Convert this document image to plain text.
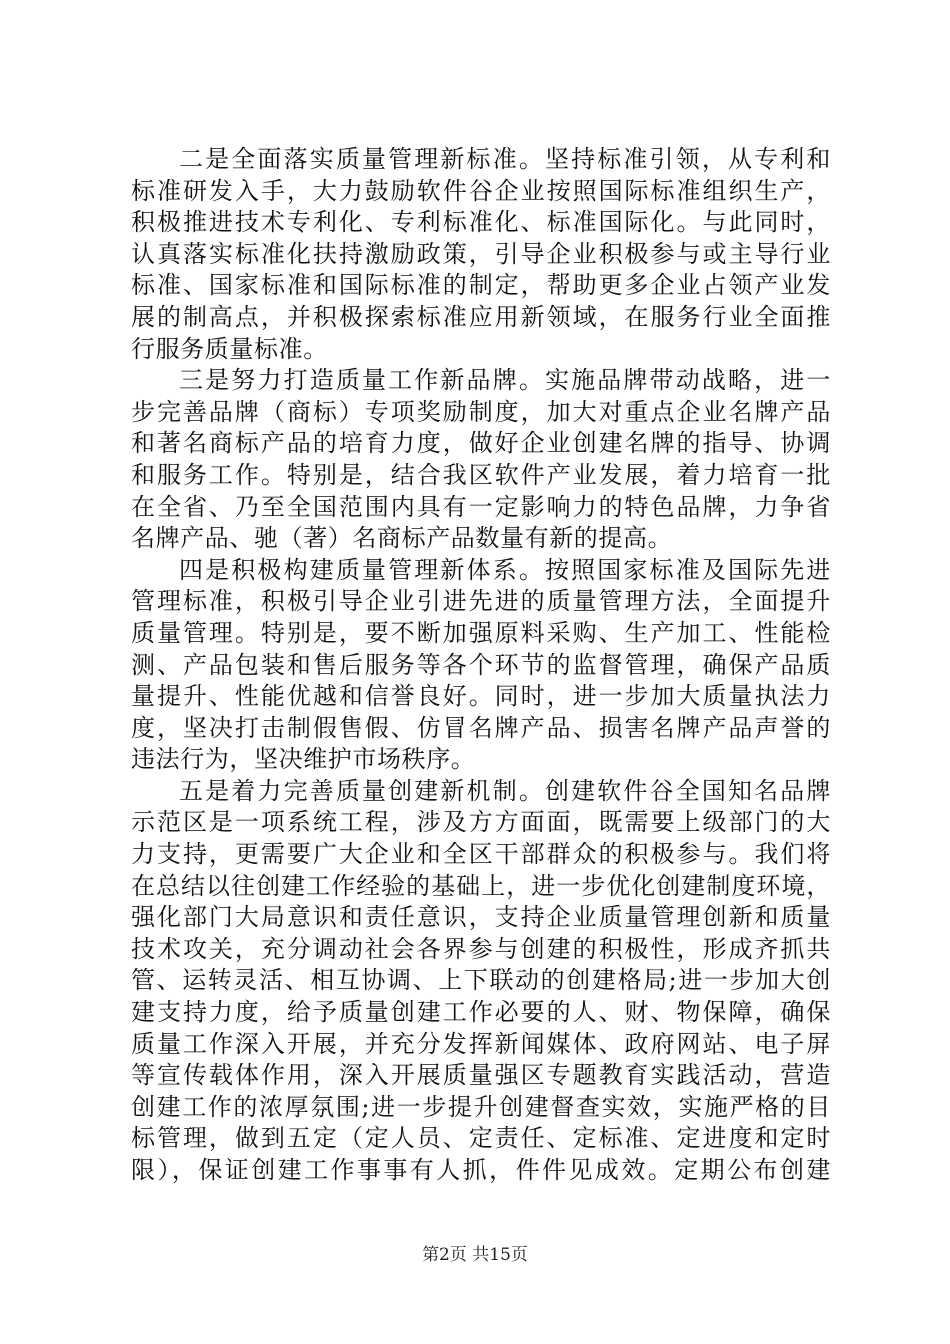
二是全面落实质量管理新标准。坚持标准引领，从专利和
标准研发入手，大力鼓励软件谷企业按照国际标准组织生产，
积极推进技术专利化、专利标准化、标准国际化。与此同时，
认真落实标准化扶持激励政策，引导企业积极参与或主导行业
标准、国家标准和国际标准的制定，帮助更多企业占领产业发
展的制高点，并积极探索标准应用新领域，在服务行业全面推
行服务质量标准。
三是努力打造质量工作新品牌。实施品牌带动战略，进一
步完善品牌（商标）专项奖励制度，加大对重点企业名牌产品
和著名商标产品的培育力度，做好企业创建名牌的指导、协调
和服务工作。特别是，结合我区软件产业发展，着力培育一批
在全省、乃至全国范围内具有一定影响力的特色品牌，力争省
名牌产品、驰（著）名商标产品数量有新的提高。
四是积极构建质量管理新体系。按照国家标准及国际先进
管理标准，积极引导企业引进先进的质量管理方法，全面提升
质量管理。特别是，要不断加强原料采购、生产加工、性能检
测、产品包装和售后服务等各个环节的监督管理，确保产品质
量提升、性能优越和信誉良好。同时，进一步加大质量执法力
度，坚决打击制假售假、仿冒名牌产品、损害名牌产品声誉的
违法行为，坚决维护市场秩序。
五是着力完善质量创建新机制。创建软件谷全国知名品牌
示范区是一项系统工程，涉及方方面面，既需要上级部门的大
力支持，更需要广大企业和全区干部群众的积极参与。我们将
在总结以往创建工作经验的基础上，进一步优化创建制度环境，
强化部门大局意识和责任意识，支持企业质量管理创新和质量
技术攻关，充分调动社会各界参与创建的积极性，形成齐抓共
管、运转灵活、相互协调、上下联动的创建格局;进一步加大创
建支持力度，给予质量创建工作必要的人、财、物保障，确保
质量工作深入开展，并充分发挥新闻媒体、政府网站、电子屏
等宣传载体作用，深入开展质量强区专题教育实践活动，营造
创建工作的浓厚氛围;进一步提升创建督查实效，实施严格的目
标管理，做到五定（定人员、定责任、定标准、定进度和定时
限），保证创建工作事事有人抓，件件见成效。定期公布创建
第2页 共15页
